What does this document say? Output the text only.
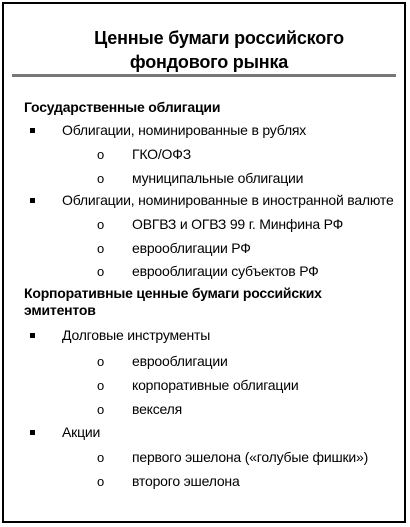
Ценные бумаги российского
фондового рынка
Государственные облигации
Облигации, номинированные в рублях
o ГКО/ОФЗ
o муниципальные облигации
Облигации, номинированные в иностранной валюте
o ОВГВЗ и ОГВЗ 99 г. Минфина РФ
o еврооблигации РФ
o еврооблигации субъектов РФ
Корпоративные ценные бумаги российских
эмитентов
Долговые инструменты
o еврооблигации
o корпоративные облигации
o векселя
Акции
o первого эшелона («голубые фишки»)
o второго эшелона
